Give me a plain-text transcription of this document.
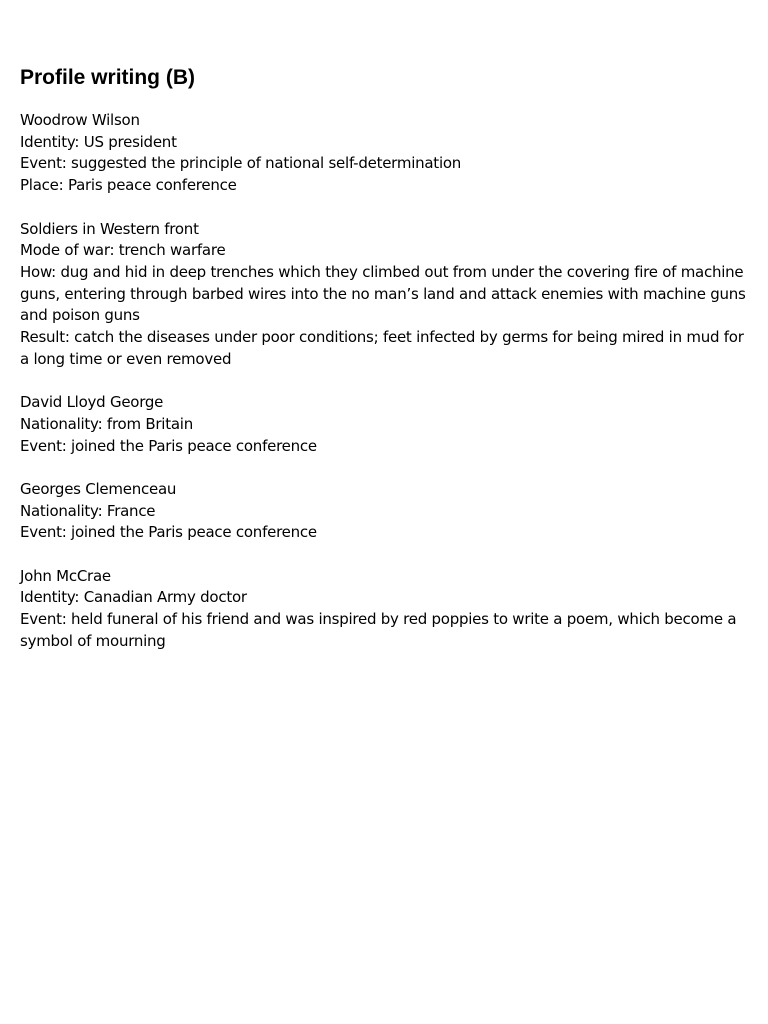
Profile writing (B)
Woodrow Wilson
Identity: US president
Event: suggested the principle of national self-determination
Place: Paris peace conference
Soldiers in Western front
Mode of war: trench warfare
How: dug and hid in deep trenches which they climbed out from under the covering fire of machine guns, entering through barbed wires into the no man’s land and attack enemies with machine guns and poison guns
Result: catch the diseases under poor conditions; feet infected by germs for being mired in mud for a long time or even removed
David Lloyd George
Nationality: from Britain
Event: joined the Paris peace conference
Georges Clemenceau
Nationality: France
Event: joined the Paris peace conference
John McCrae
Identity: Canadian Army doctor
Event: held funeral of his friend and was inspired by red poppies to write a poem, which become a symbol of mourning
